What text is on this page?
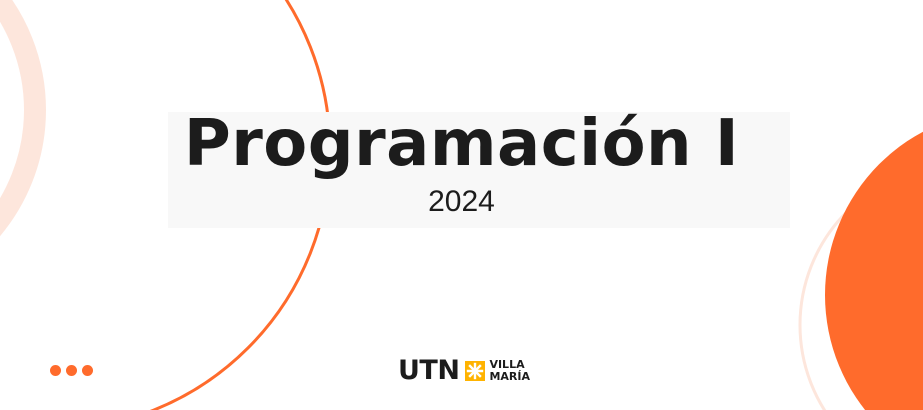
Programación I
2024
UTN	VILLA
MARÍA
